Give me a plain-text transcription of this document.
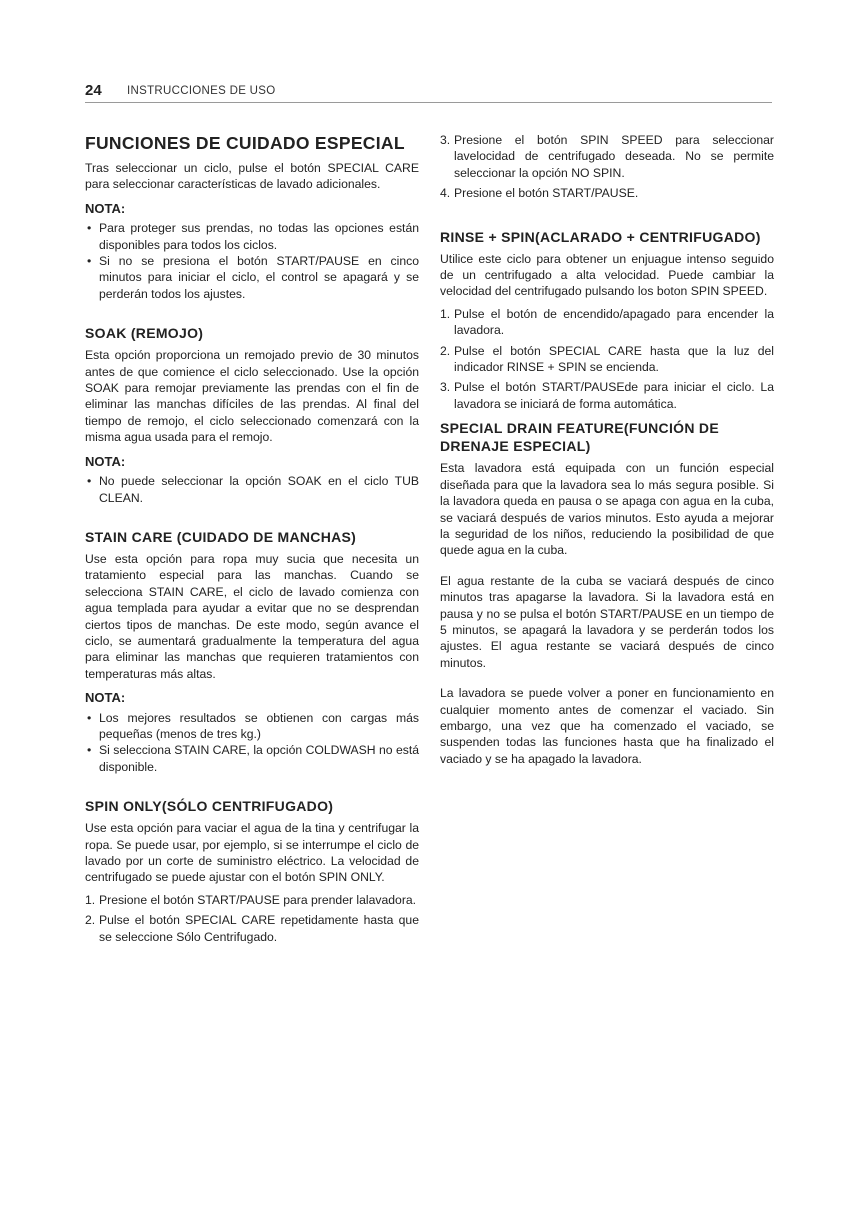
24 INSTRUCCIONES DE USO
FUNCIONES DE CUIDADO ESPECIAL

Tras seleccionar un ciclo, pulse el botón SPECIAL CARE para seleccionar características de lavado adicionales.

NOTA:
• Para proteger sus prendas, no todas las opciones están disponibles para todos los ciclos.
• Si no se presiona el botón START/PAUSE en cinco minutos para iniciar el ciclo, el control se apagará y se perderán todos los ajustes.
SOAK (REMOJO)

Esta opción proporciona un remojado previo de 30 minutos antes de que comience el ciclo seleccionado. Use la opción SOAK para remojar previamente las prendas con el fin de eliminar las manchas difíciles de las prendas. Al final del tiempo de remojo, el ciclo seleccionado comenzará con la misma agua usada para el remojo.

NOTA:
• No puede seleccionar la opción SOAK en el ciclo TUB CLEAN.
STAIN CARE (CUIDADO DE MANCHAS)

Use esta opción para ropa muy sucia que necesita un tratamiento especial para las manchas. Cuando se selecciona STAIN CARE, el ciclo de lavado comienza con agua templada para ayudar a evitar que no se desprendan ciertos tipos de manchas. De este modo, según avance el ciclo, se aumentará gradualmente la temperatura del agua para eliminar las manchas que requieren tratamientos con temperaturas más altas.

NOTA:
• Los mejores resultados se obtienen con cargas más pequeñas (menos de tres kg.)
• Si selecciona STAIN CARE, la opción COLDWASH no está disponible.
SPIN ONLY(SÓLO CENTRIFUGADO)

Use esta opción para vaciar el agua de la tina y centrifugar la ropa. Se puede usar, por ejemplo, si se interrumpe el ciclo de lavado por un corte de suministro eléctrico. La velocidad de centrifugado se puede ajustar con el botón SPIN ONLY.

1. Presione el botón START/PAUSE para prender lalavadora.
2. Pulse el botón SPECIAL CARE repetidamente hasta que se seleccione Sólo Centrifugado.
3. Presione el botón SPIN SPEED para seleccionar lavelocidad de centrifugado deseada. No se permite seleccionar la opción NO SPIN.
4. Presione el botón START/PAUSE.
RINSE + SPIN(ACLARADO + CENTRIFUGADO)

Utilice este ciclo para obtener un enjuague intenso seguido de un centrifugado a alta velocidad. Puede cambiar la velocidad del centrifugado pulsando los boton SPIN SPEED.

1. Pulse el botón de encendido/apagado para encender la lavadora.
2. Pulse el botón SPECIAL CARE hasta que la luz del indicador RINSE + SPIN se encienda.
3. Pulse el botón START/PAUSEde para iniciar el ciclo. La lavadora se iniciará de forma automática.
SPECIAL DRAIN FEATURE(FUNCIÓN DE DRENAJE ESPECIAL)

Esta lavadora está equipada con un función especial diseñada para que la lavadora sea lo más segura posible. Si la lavadora queda en pausa o se apaga con agua en la cuba, se vaciará después de varios minutos. Esto ayuda a mejorar la seguridad de los niños, reduciendo la posibilidad de que quede agua en la cuba.

El agua restante de la cuba se vaciará después de cinco minutos tras apagarse la lavadora. Si la lavadora está en pausa y no se pulsa el botón START/PAUSE en un tiempo de 5 minutos, se apagará la lavadora y se perderán todos los ajustes. El agua restante se vaciará después de cinco minutos.

La lavadora se puede volver a poner en funcionamiento en cualquier momento antes de comenzar el vaciado. Sin embargo, una vez que ha comenzado el vaciado, se suspenden todas las funciones hasta que ha finalizado el vaciado y se ha apagado la lavadora.
